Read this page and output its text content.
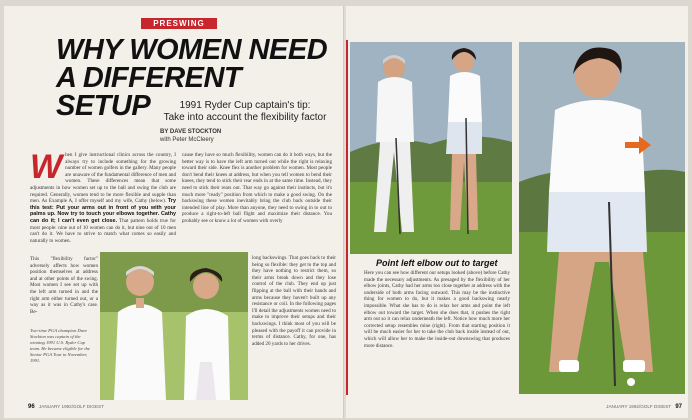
PRESWING
WHY WOMEN NEED A DIFFERENT SETUP	1991 Ryder Cup captain's tip:
Take into account the flexibility factor
BY DAVE STOCKTON
with Peter McCleery
W hen I give instructional clinics across the country, I always try to include something for the growing number of women golfers in the gallery. Many people are unaware of the fundamental difference of men and women. These differences mean that some adjustments in how women set up to the ball and swing the club are required. Generally, women tend to be more flexible and supple than men. As Example A, I offer myself and my wife, Cathy (below). Try this test: Put your arms out in front of you with your palms up. Now try to touch your elbows together. Cathy can do it; I can't even get close. That pattern holds true for most people: nine out of 10 women can do it, but nine out of 10 men can't do it. We have to strive to match what comes so easily and naturally to women.
cause they have so much flexibility, women can do it both ways, but the better way is to have the left arm turned out while the right is relaxing toward their side. Knee flex is another problem for women. Most people don't bend their knees at address, but when you tell women to bend their knees, they tend to stick their rear ends in at the same time. Instead, they need to stick their rears out. That way go against their instincts, but it's much more "ready" position from which to make a good swing. On the backswing these women inevitably bring the club back outside their intended line of play. More than anyone, they need to swing in to out to produce a right-to-left ball flight and maximize their distance. You probably see or know a lot of women with overly
This "flexibility factor" adversely affects how women position themselves at address and at other points of the swing. Most women I see set up with the left arm turned in and the right arm either turned out, or a way as it was in Cathy's case. Be-
Two-time PGA champion Dave Stockton was captain of the winning 1991 U.S. Ryder Cup team. He became eligible for the Senior PGA Tour in November, 1991.
long backswings. That goes back to their being so flexible: they get to the top and they have nothing to restrict them, so their arms break down and they lose control of the club. They end up just flipping at the ball with their hands and arms because they haven't built up any resistance or coil. In the following pages I'll detail the adjustments women need to make to improve their setups and their backswings. I think most of you will be pleased with the payoff it can provide in terms of distance. Cathy, for one, has added 20 yards to her drives.
96 JANUARY 1992/GOLF DIGEST
Point left elbow out to target
Here you can see how different our setups looked (above) before Cathy made the necessary adjustments. As presaged by the flexibility of her elbow joints, Cathy had her arms too close together at address with the underside of both arms facing outward. This may be the instinctive thing for women to do, but it makes a good backswing nearly impossible. What she has to do is relax her arms and point the left elbow out toward the target. When she does that, it pushes the right arm out so it can relax underneath the left. Notice how much more her corrected setup resembles mine (right). From that starting position it will be much easier for her to take the club back inside instead of out, which will allow her to make the inside-out downswing that produces more distance.
JANUARY 1992/GOLF DIGEST 97
